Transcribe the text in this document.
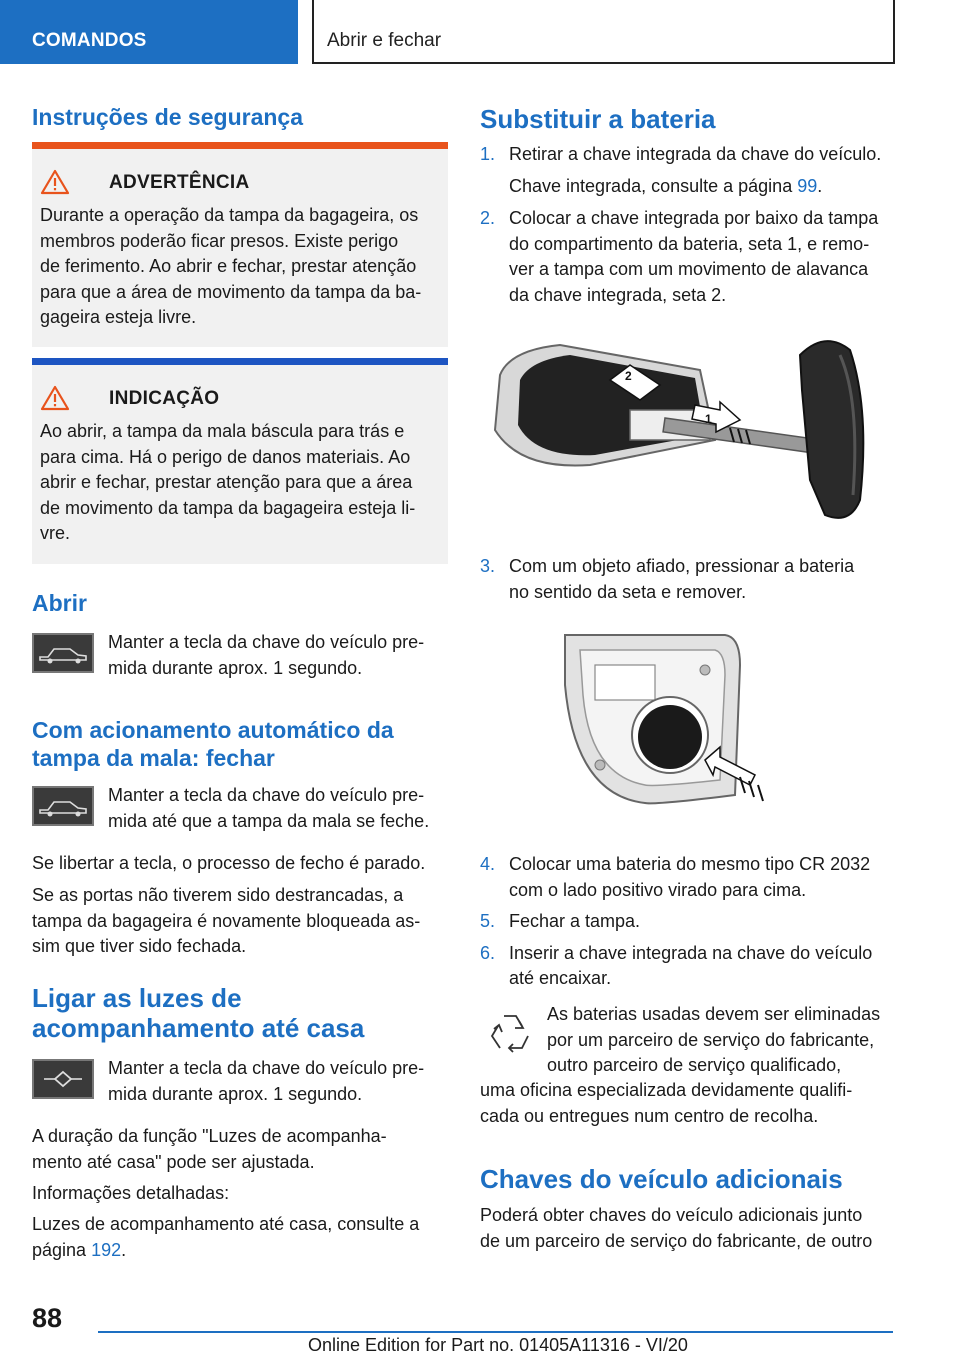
COMANDOS	Abrir e fechar
Instruções de segurança
ADVERTÊNCIA
Durante a operação da tampa da bagageira, os
membros poderão ficar presos. Existe perigo
de ferimento. Ao abrir e fechar, prestar atenção
para que a área de movimento da tampa da ba-
gageira esteja livre.
INDICAÇÃO
Ao abrir, a tampa da mala báscula para trás e
para cima. Há o perigo de danos materiais. Ao
abrir e fechar, prestar atenção para que a área
de movimento da tampa da bagageira esteja li-
vre.
Abrir
Manter a tecla da chave do veículo pre-
mida durante aprox. 1 segundo.
Com acionamento automático da
tampa da mala: fechar
Manter a tecla da chave do veículo pre-
mida até que a tampa da mala se feche.
Se libertar a tecla, o processo de fecho é parado.
Se as portas não tiverem sido destrancadas, a
tampa da bagageira é novamente bloqueada as-
sim que tiver sido fechada.
Ligar as luzes de
acompanhamento até casa
Manter a tecla da chave do veículo pre-
mida durante aprox. 1 segundo.
A duração da função "Luzes de acompanha-
mento até casa" pode ser ajustada.
Informações detalhadas:
Luzes de acompanhamento até casa, consulte a
página 192.
Substituir a bateria
1. Retirar a chave integrada da chave do veículo.
Chave integrada, consulte a página 99.
2. Colocar a chave integrada por baixo da tampa
do compartimento da bateria, seta 1, e remo-
ver a tampa com um movimento de alavanca
da chave integrada, seta 2.
2
1
3. Com um objeto afiado, pressionar a bateria
no sentido da seta e remover.
4. Colocar uma bateria do mesmo tipo CR 2032
com o lado positivo virado para cima.
5. Fechar a tampa.
6. Inserir a chave integrada na chave do veículo
até encaixar.
As baterias usadas devem ser eliminadas
por um parceiro de serviço do fabricante,
outro parceiro de serviço qualificado,
uma oficina especializada devidamente qualifi-
cada ou entregues num centro de recolha.
Chaves do veículo adicionais
Poderá obter chaves do veículo adicionais junto
de um parceiro de serviço do fabricante, de outro
88
Online Edition for Part no. 01405A11316 - VI/20
